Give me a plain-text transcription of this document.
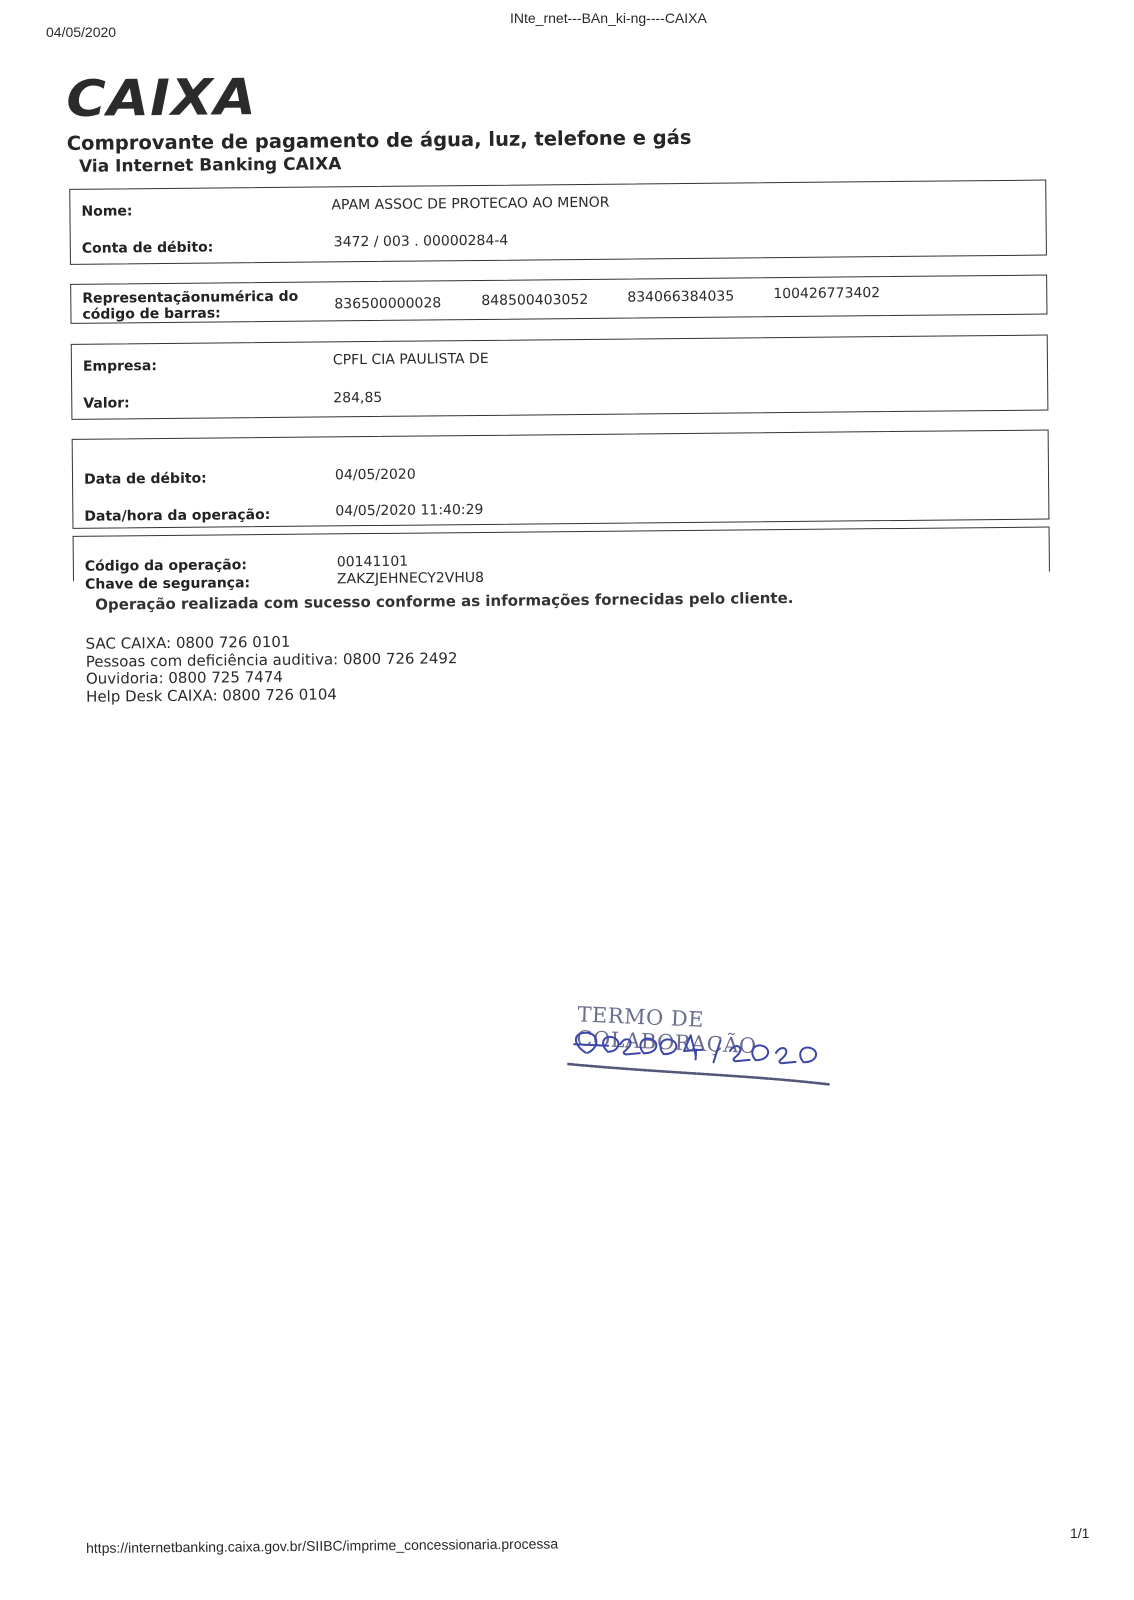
04/05/2020
INte_rnet---BAn_ki-ng----CAIXA
https://internetbanking.caixa.gov.br/SIIBC/imprime_concessionaria.processa
1/1
CAIXA
Comprovante de pagamento de água, luz, telefone e gás
Via Internet Banking CAIXA
Nome:	APAM ASSOC DE PROTECAO AO MENOR
Conta de débito:	3472 / 003 . 00000284-4
Representaçãonumérica do
código de barras:
836500000028	848500403052	834066384035	100426773402
Empresa:	CPFL CIA PAULISTA DE
Valor:	284,85
Data de débito:	04/05/2020
Data/hora da operação:	04/05/2020 11:40:29
Código da operação:	00141101
Chave de segurança:	ZAKZJEHNECY2VHU8
Operação realizada com sucesso conforme as informações fornecidas pelo cliente.
SAC CAIXA: 0800 726 0101
Pessoas com deficiência auditiva: 0800 726 2492
Ouvidoria: 0800 725 7474
Help Desk CAIXA: 0800 726 0104
TERMO DE COLABORAÇÃO
